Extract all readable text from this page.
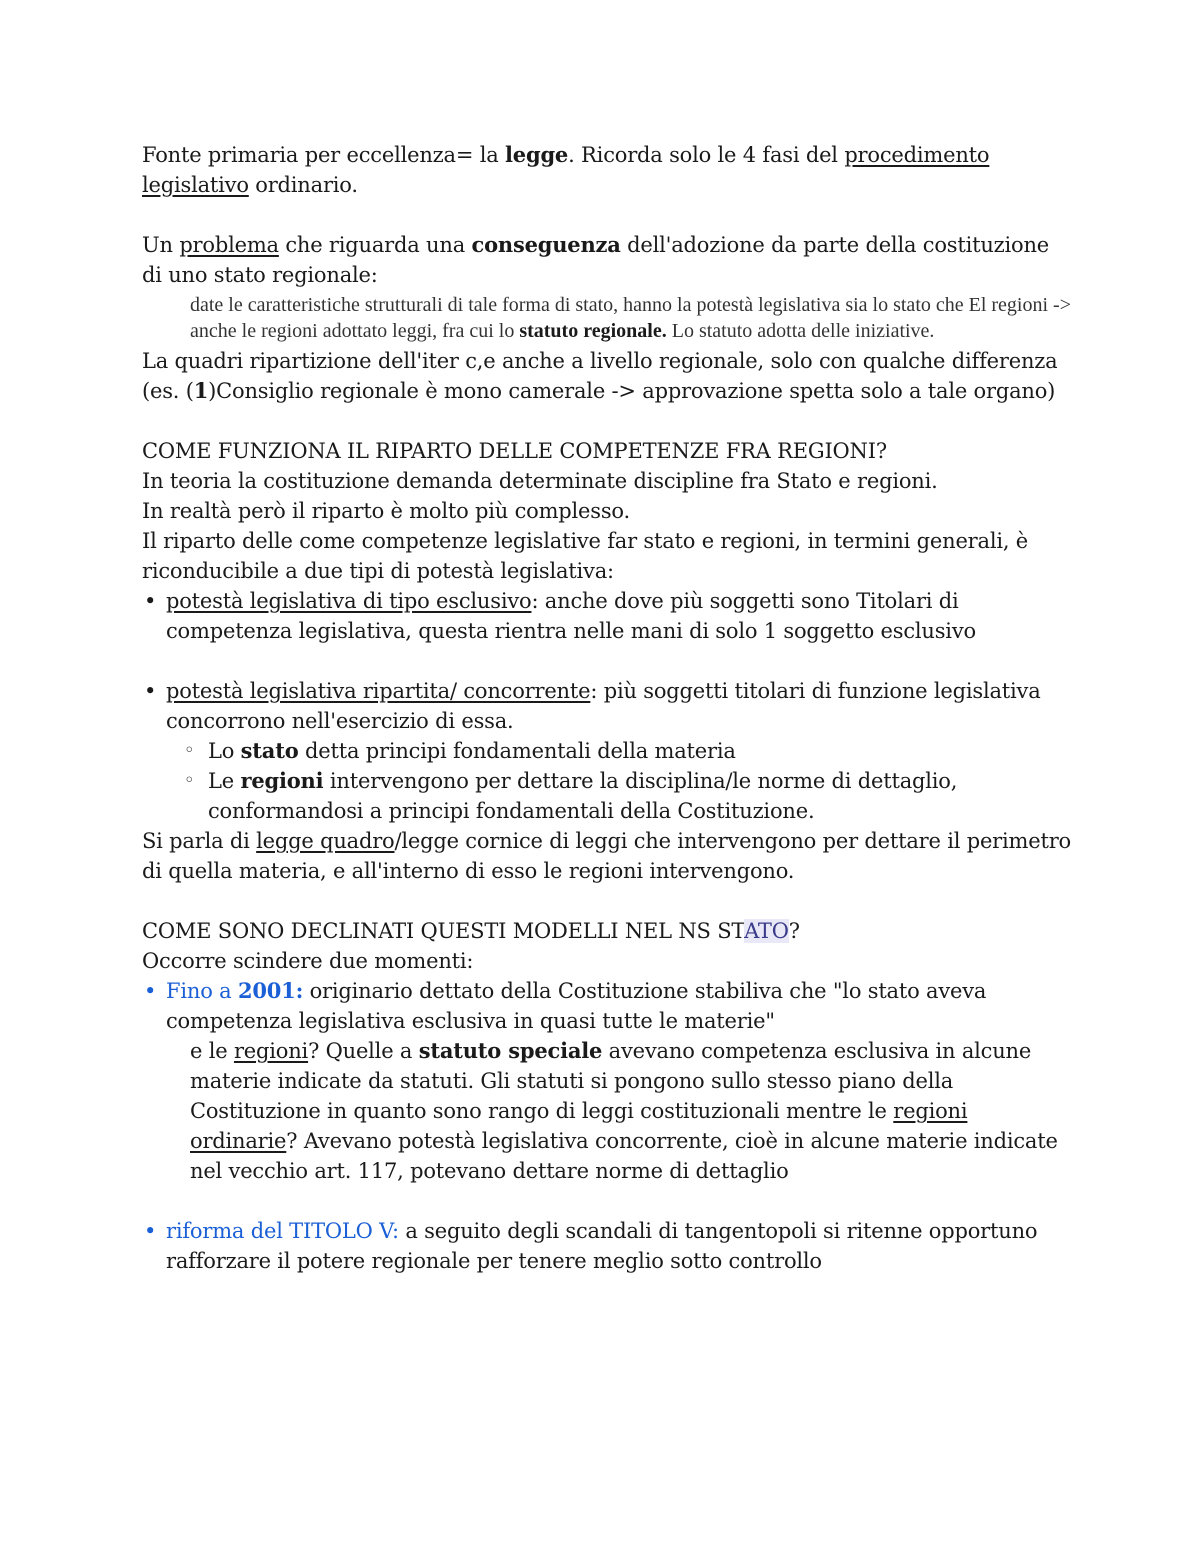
Fonte primaria per eccellenza= la legge. Ricorda solo le 4 fasi del procedimento legislativo ordinario.

Un problema che riguarda una conseguenza dell'adozione da parte della costituzione di uno stato regionale:

date le caratteristiche strutturali di tale forma di stato, hanno la potestà legislativa sia lo stato che El regioni -> anche le regioni adottato leggi, fra cui lo statuto regionale. Lo statuto adotta delle iniziative.

La quadri ripartizione dell'iter c,e anche a livello regionale, solo con qualche differenza (es. (1)Consiglio regionale è mono camerale -> approvazione spetta solo a tale organo)

COME FUNZIONA IL RIPARTO DELLE COMPETENZE FRA REGIONI?

In teoria la costituzione demanda determinate discipline fra Stato e regioni.

In realtà però il riparto è molto più complesso.

Il riparto delle come competenze legislative far stato e regioni, in termini generali, è riconducibile a due tipi di potestà legislativa:

• potestà legislativa di tipo esclusivo: anche dove più soggetti sono Titolari di competenza legislativa, questa rientra nelle mani di solo 1 soggetto esclusivo
• potestà legislativa ripartita/ concorrente: più soggetti titolari di funzione legislativa concorrono nell'esercizio di essa.
◦ Lo stato detta principi fondamentali della materia
◦ Le regioni intervengono per dettare la disciplina/le norme di dettaglio, conformandosi a principi fondamentali della Costituzione.

Si parla di legge quadro/legge cornice di leggi che intervengono per dettare il perimetro di quella materia, e all'interno di esso le regioni intervengono.

COME SONO DECLINATI QUESTI MODELLI NEL NS STATO?

Occorre scindere due momenti:

• Fino a 2001: originario dettato della Costituzione stabiliva che "lo stato aveva competenza legislativa esclusiva in quasi tutte le materie"
e le regioni? Quelle a statuto speciale avevano competenza esclusiva in alcune materie indicate da statuti. Gli statuti si pongono sullo stesso piano della Costituzione in quanto sono rango di leggi costituzionali mentre le regioni ordinarie? Avevano potestà legislativa concorrente, cioè in alcune materie indicate nel vecchio art. 117, potevano dettare norme di dettaglio
• riforma del TITOLO V: a seguito degli scandali di tangentopoli si ritenne opportuno rafforzare il potere regionale per tenere meglio sotto controllo
